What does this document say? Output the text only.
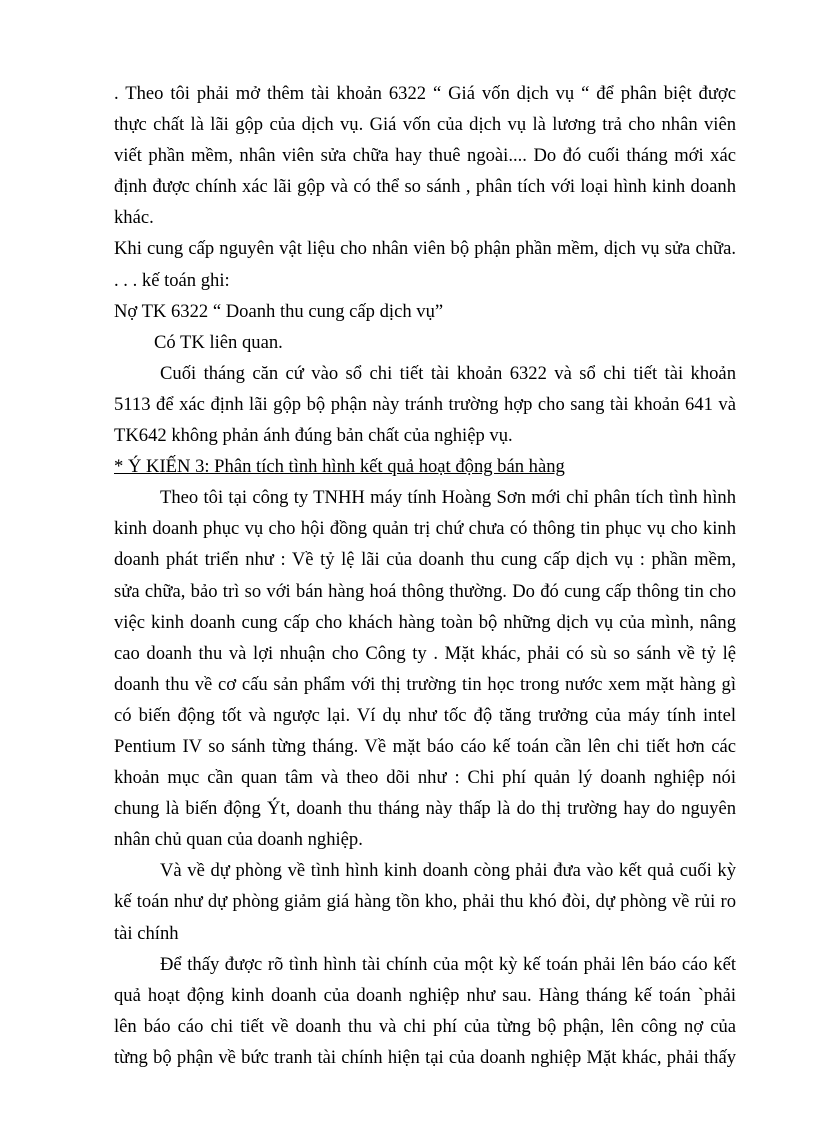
. Theo tôi phải mở thêm tài khoản 6322 “ Giá vốn dịch vụ “ để phân biệt được
thực chất là lãi gộp của dịch vụ. Giá vốn của dịch vụ là lương trả cho nhân viên
viết phần mềm, nhân viên sửa chữa hay thuê ngoài.... Do đó cuối tháng mới xác
định được chính xác lãi gộp và có thể so sánh , phân tích với loại hình kinh doanh
khác.
Khi cung cấp nguyên vật liệu cho nhân viên bộ phận phần mềm, dịch vụ sửa chữa.
. . . kế toán ghi:
Nợ TK 6322 “ Doanh thu cung cấp dịch vụ”
Có TK liên quan.
Cuối tháng căn cứ vào sổ chi tiết tài khoản 6322 và sổ chi tiết tài khoản
5113 để xác định lãi gộp bộ phận này tránh trường hợp cho sang tài khoản 641 và
TK642 không phản ánh đúng bản chất của nghiệp vụ.
* Ý KIẾN 3: Phân tích tình hình kết quả hoạt động bán hàng
Theo tôi tại công ty TNHH máy tính Hoàng Sơn mới chỉ phân tích tình hình
kinh doanh phục vụ cho hội đồng quản trị chứ chưa có thông tin phục vụ cho kinh
doanh phát triển như : Về tỷ lệ lãi của doanh thu cung cấp dịch vụ : phần mềm,
sửa chữa, bảo trì so với bán hàng hoá thông thường. Do đó cung cấp thông tin cho
việc kinh doanh cung cấp cho khách hàng toàn bộ những dịch vụ của mình, nâng
cao doanh thu và lợi nhuận cho Công ty . Mặt khác, phải có sù so sánh về tỷ lệ
doanh thu về cơ cấu sản phẩm với thị trường tin học trong nước xem mặt hàng gì
có biến động tốt và ngược lại. Ví dụ như tốc độ tăng trưởng của máy tính intel
Pentium IV so sánh từng tháng. Về mặt báo cáo kế toán cần lên chi tiết hơn các
khoản mục cần quan tâm và theo dõi như : Chi phí quản lý doanh nghiệp nói
chung là biến động Ýt, doanh thu tháng này thấp là do thị trường hay do nguyên
nhân chủ quan của doanh nghiệp.
Và về dự phòng về tình hình kinh doanh còng phải đưa vào kết quả cuối kỳ
kế toán như dự phòng giảm giá hàng tồn kho, phải thu khó đòi, dự phòng về rủi ro
tài chính
Để thấy được rõ tình hình tài chính của một kỳ kế toán phải lên báo cáo kết
quả hoạt động kinh doanh của doanh nghiệp như sau. Hàng tháng kế toán `phải
lên báo cáo chi tiết về doanh thu và chi phí của từng bộ phận, lên công nợ của
từng bộ phận về bức tranh tài chính hiện tại của doanh nghiệp Mặt khác, phải thấy
